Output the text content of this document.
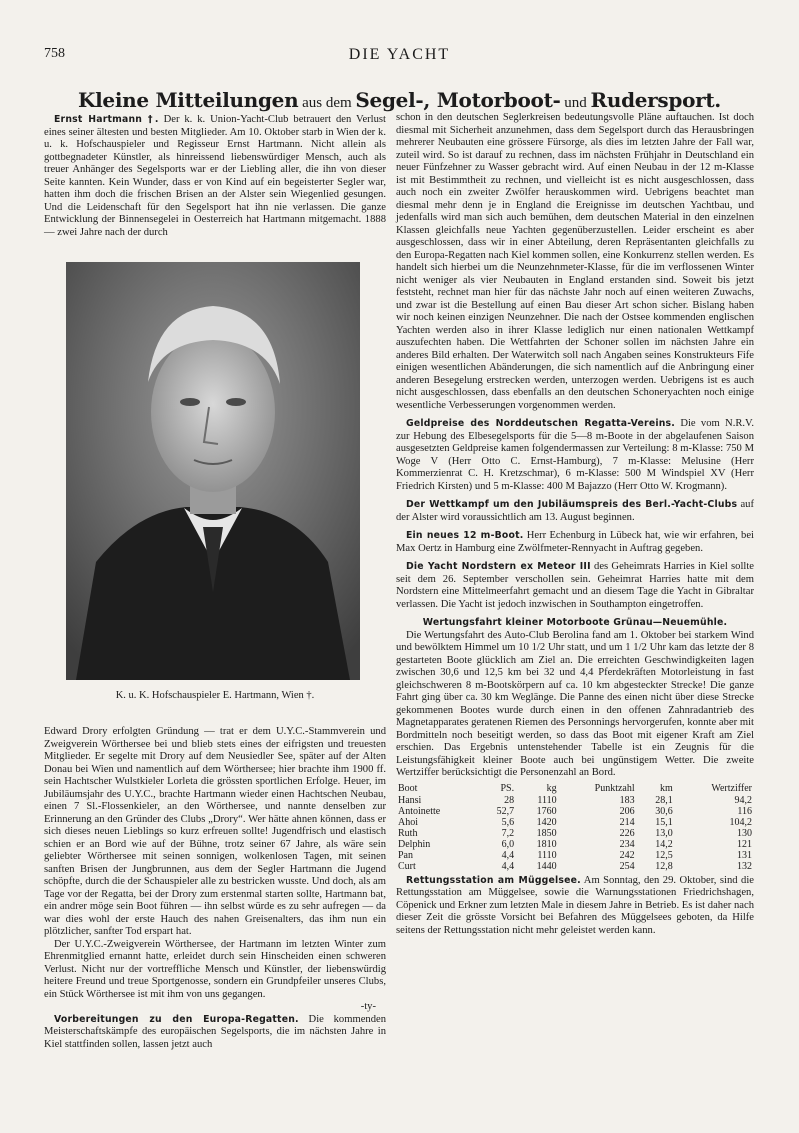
758	DIE YACHT
Kleine Mitteilungen aus dem Segel-, Motorboot- und Rudersport.

Ernst Hartmann †. Der k. k. Union-Yacht-Club betrauert den Verlust eines seiner ältesten und besten Mitglieder. Am 10. Oktober starb in Wien der k. u. k. Hofschauspieler und Regisseur Ernst Hartmann. Nicht allein als gottbegnadeter Künstler, als hinreissend liebenswürdiger Mensch, auch als treuer Anhänger des Segelsports war er der Liebling aller, die ihn von dieser Seite kannten. Kein Wunder, dass er von Kind auf ein begeisterter Segler war, hatten ihm doch die frischen Brisen an der Alster sein Wiegenlied gesungen. Und die Leidenschaft für den Segelsport hat ihn nie verlassen. Die ganze Entwicklung der Binnensegelei in Oesterreich hat Hartmann mitgemacht. 1888 — zwei Jahre nach der durch

K. u. K. Hofschauspieler E. Hartmann, Wien †.

Edward Drory erfolgten Gründung — trat er dem U.Y.C.-Stammverein und Zweigverein Wörthersee bei und blieb stets eines der eifrigsten und treuesten Mitglieder. Er segelte mit Drory auf dem Neusiedler See, später auf der Alten Donau bei Wien und namentlich auf dem Wörthersee; hier brachte ihm 1900 ff. sein Hachtscher Wulstkieler Lorleta die grössten sportlichen Erfolge. Heuer, im Jubiläumsjahr des U.Y.C., brachte Hartmann wieder einen Hachtschen Neubau, einen 7 Sl.-Flossenkieler, an den Wörthersee, und nannte denselben zur Erinnerung an den Gründer des Clubs „Drory“. Wer hätte ahnen können, dass er sich dieses neuen Lieblings so kurz erfreuen sollte! Jugendfrisch und elastisch schien er an Bord wie auf der Bühne, trotz seiner 67 Jahre, als wäre sein geliebter Wörthersee mit seinen sonnigen, wolkenlosen Tagen, mit seinen sanften Brisen der Jungbrunnen, aus dem der Segler Hartmann die Jugend schöpfte, durch die der Schauspieler alle zu bestricken wusste. Und doch, als am Tage vor der Regatta, bei der Drory zum erstenmal starten sollte, Hartmann bat, ein andrer möge sein Boot führen — ihn selbst würde es zu sehr aufregen — da war dies wohl der erste Hauch des nahen Greisenalters, das ihm nun ein plötzlicher, sanfter Tod erspart hat.

Der U.Y.C.-Zweigverein Wörthersee, der Hartmann im letzten Winter zum Ehrenmitglied ernannt hatte, erleidet durch sein Hinscheiden einen schweren Verlust. Nicht nur der vortreffliche Mensch und Künstler, der liebenswürdig heitere Freund und treue Sportgenosse, sondern ein Grundpfeiler unseres Clubs, ein Stück Wörthersee ist mit ihm von uns gegangen.

-ty-

Vorbereitungen zu den Europa-Regatten. Die kommenden Meisterschaftskämpfe des europäischen Segelsports, die im nächsten Jahre in Kiel stattfinden sollen, lassen jetzt auch

schon in den deutschen Seglerkreisen bedeutungsvolle Pläne auftauchen. Ist doch diesmal mit Sicherheit anzunehmen, dass dem Segelsport durch das Herausbringen mehrerer Neubauten eine grössere Fürsorge, als dies im letzten Jahre der Fall war, zuteil wird. So ist darauf zu rechnen, dass im nächsten Frühjahr in Deutschland ein neuer Fünfzehner zu Wasser gebracht wird. Auf einen Neubau in der 12 m-Klasse ist mit Bestimmtheit zu rechnen, und vielleicht ist es nicht ausgeschlossen, dass auch noch ein zweiter Zwölfer herauskommen wird. Uebrigens beachtet man diesmal mehr denn je in England die Ereignisse im deutschen Yachtbau, und jedenfalls wird man sich auch bemühen, dem deutschen Material in den einzelnen Klassen gleichfalls neue Yachten gegenüberzustellen. Leider erscheint es aber ausgeschlossen, dass wir in einer Abteilung, deren Repräsentanten gleichfalls zu den Europa-Regatten nach Kiel kommen sollen, eine Konkurrenz stellen werden. Es handelt sich hierbei um die Neunzehnmeter-Klasse, für die im verflossenen Winter nicht weniger als vier Neubauten in England erstanden sind. Soweit bis jetzt feststeht, rechnet man hier für das nächste Jahr noch auf einen weiteren Zuwachs, und zwar ist die Bestellung auf einen Bau dieser Art schon sicher. Bislang haben wir noch keinen einzigen Neunzehner. Die nach der Ostsee kommenden englischen Yachten werden also in ihrer Klasse lediglich nur einen nationalen Wettkampf auszufechten haben. Die Wettfahrten der Schoner sollen im nächsten Jahre ein anderes Bild erhalten. Der Waterwitch soll nach Angaben seines Konstrukteurs Fife einigen wesentlichen Abänderungen, die sich namentlich auf die Anbringung einer anderen Besegelung erstrecken werden, unterzogen werden. Uebrigens ist es auch nicht ausgeschlossen, dass ebenfalls an den deutschen Schoneryachten noch einige wesentliche Verbesserungen vorgenommen werden.

Geldpreise des Norddeutschen Regatta-Vereins. Die vom N.R.V. zur Hebung des Elbesegelsports für die 5—8 m-Boote in der abgelaufenen Saison ausgesetzten Geldpreise kamen folgendermassen zur Verteilung: 8 m-Klasse: 750 M Woge V (Herr Otto C. Ernst-Hamburg), 7 m-Klasse: Melusine (Herr Kommerzienrat C. H. Kretzschmar), 6 m-Klasse: 500 M Windspiel XV (Herr Friedrich Kirsten) und 5 m-Klasse: 400 M Bajazzo (Herr Otto W. Krogmann).

Der Wettkampf um den Jubiläumspreis des Berl.-Yacht-Clubs auf der Alster wird voraussichtlich am 13. August beginnen.

Ein neues 12 m-Boot. Herr Echenburg in Lübeck hat, wie wir erfahren, bei Max Oertz in Hamburg eine Zwölfmeter-Rennyacht in Auftrag gegeben.

Die Yacht Nordstern ex Meteor III des Geheimrats Harries in Kiel sollte seit dem 26. September verschollen sein. Geheimrat Harries hatte mit dem Nordstern eine Mittelmeerfahrt gemacht und an diesem Tage die Yacht in Gibraltar verlassen. Die Yacht ist jedoch inzwischen in Southampton eingetroffen.

Wertungsfahrt kleiner Motorboote Grünau—Neuemühle.

Die Wertungsfahrt des Auto-Club Berolina fand am 1. Oktober bei starkem Wind und bewölktem Himmel um 10 1/2 Uhr statt, und um 1 1/2 Uhr kam das letzte der 8 gestarteten Boote glücklich am Ziel an. Die erreichten Geschwindigkeiten lagen zwischen 30,6 und 12,5 km bei 32 und 4,4 Pferdekräften Motorleistung in fast gleichschweren 8 m-Bootskörpern auf ca. 10 km abgesteckter Strecke! Die ganze Fahrt ging über ca. 30 km Weglänge. Die Panne des einen nicht über diese Strecke gekommenen Bootes wurde durch einen in den offenen Zahnradantrieb des Magnetapparates geratenen Riemen des Personnings hervorgerufen, konnte aber mit Bordmitteln noch beseitigt werden, so dass das Boot mit eigener Kraft am Ziel erschien. Das Ergebnis untenstehender Tabelle ist ein Zeugnis für die Leistungsfähigkeit kleiner Boote auch bei ungünstigem Wetter. Die zweite Wertziffer berücksichtigt die Personenzahl an Bord.

Boot	PS.	kg	Punktzahl	km	Wertziffer
Hansi	28	1110	183	28,1	94,2
Antoinette	52,7	1760	206	30,6	116
Ahoi	5,6	1420	214	15,1	104,2
Ruth	7,2	1850	226	13,0	130
Delphin	6,0	1810	234	14,2	121
Pan	4,4	1110	242	12,5	131
Curt	4,4	1440	254	12,8	132

Rettungsstation am Müggelsee. Am Sonntag, den 29. Oktober, sind die Rettungsstation am Müggelsee, sowie die Warnungsstationen Friedrichshagen, Cöpenick und Erkner zum letzten Male in diesem Jahre in Betrieb. Es ist daher nach dieser Zeit die grösste Vorsicht bei Befahren des Müggelsees geboten, da Hilfe seitens der Rettungsstation nicht mehr geleistet werden kann.
